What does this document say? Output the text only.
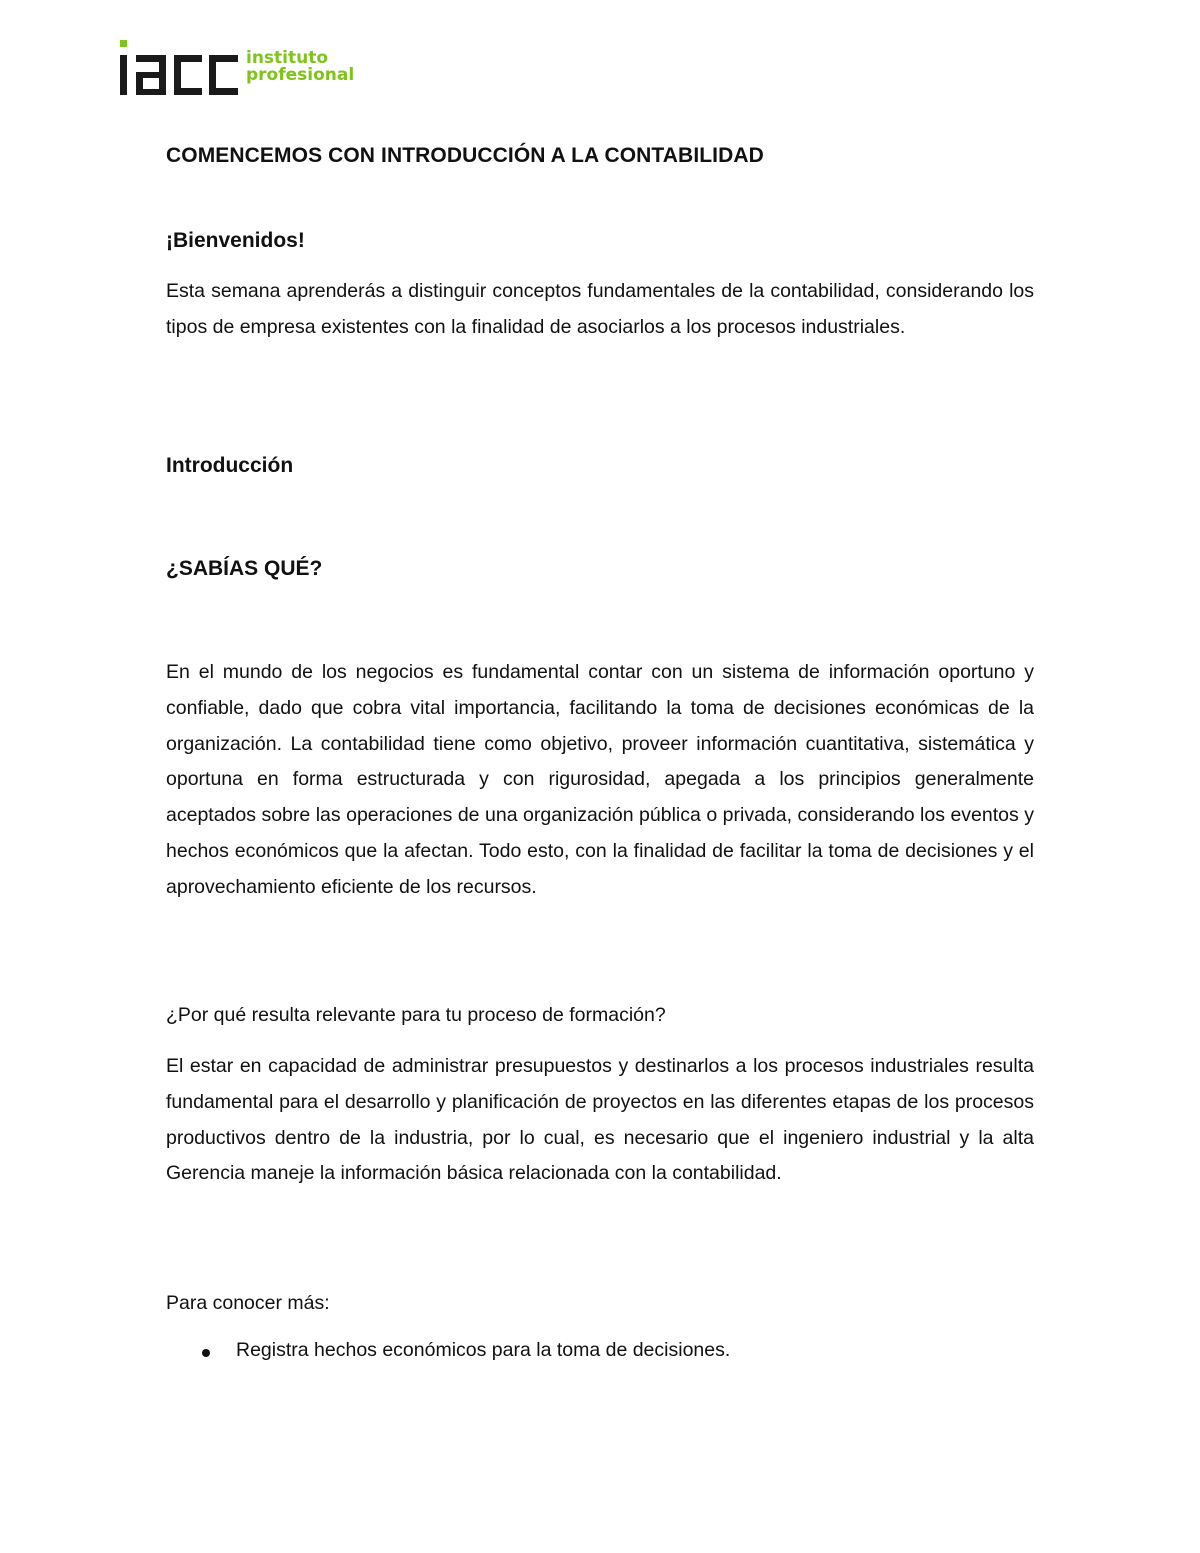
instituto
profesional
COMENCEMOS CON INTRODUCCIÓN A LA CONTABILIDAD
¡Bienvenidos!

Esta semana aprenderás a distinguir conceptos fundamentales de la contabilidad, considerando los tipos de empresa existentes con la finalidad de asociarlos a los procesos industriales.

Introducción
¿SABÍAS QUÉ?

En el mundo de los negocios es fundamental contar con un sistema de información oportuno y confiable, dado que cobra vital importancia, facilitando la toma de decisiones económicas de la organización. La contabilidad tiene como objetivo, proveer información cuantitativa, sistemática y oportuna en forma estructurada y con rigurosidad, apegada a los principios generalmente aceptados sobre las operaciones de una organización pública o privada, considerando los eventos y hechos económicos que la afectan. Todo esto, con la finalidad de facilitar la toma de decisiones y el aprovechamiento eficiente de los recursos.

¿Por qué resulta relevante para tu proceso de formación?

El estar en capacidad de administrar presupuestos y destinarlos a los procesos industriales resulta fundamental para el desarrollo y planificación de proyectos en las diferentes etapas de los procesos productivos dentro de la industria, por lo cual, es necesario que el ingeniero industrial y la alta Gerencia maneje la información básica relacionada con la contabilidad.

Para conocer más:

Registra hechos económicos para la toma de decisiones.
